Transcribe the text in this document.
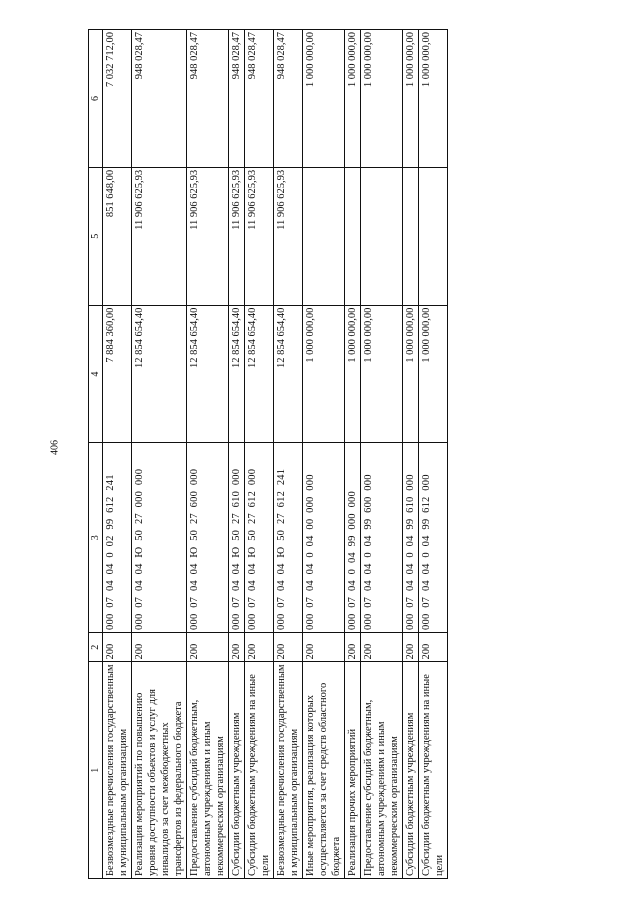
406
1	2	3	4	5	6
Безвозмездные перечисления государственным и муниципальным организациям	200	000 07 04 04 0 02 99 612 241	7 884 360,00	851 648,00	7 032 712,00
Реализация мероприятий по повышению уровня доступности объектов и услуг для инвалидов за счет межбюджетных трансфертов из федерального бюджета	200	000 07 04 04 Ю 50 27 000 000	12 854 654,40	11 906 625,93	948 028,47
Предоставление субсидий бюджетным, автономным учреждениям и иным некоммерческим организациям	200	000 07 04 04 Ю 50 27 600 000	12 854 654,40	11 906 625,93	948 028,47
Субсидии бюджетным учреждениям	200	000 07 04 04 Ю 50 27 610 000	12 854 654,40	11 906 625,93	948 028,47
Субсидии бюджетным учреждениям на иные цели	200	000 07 04 04 Ю 50 27 612 000	12 854 654,40	11 906 625,93	948 028,47
Безвозмездные перечисления государственным и муниципальным организациям	200	000 07 04 04 Ю 50 27 612 241	12 854 654,40	11 906 625,93	948 028,47
Иные мероприятия, реализация которых осуществляется за счет средств областного бюджета	200	000 07 04 04 0 04 00 000 000	1 000 000,00		1 000 000,00
Реализация прочих мероприятий	200	000 07 04 0 04 99 000 000	1 000 000,00		1 000 000,00
Предоставление субсидий бюджетным, автономным учреждениям и иным некоммерческим организациям	200	000 07 04 04 0 04 99 600 000	1 000 000,00		1 000 000,00
Субсидии бюджетным учреждениям	200	000 07 04 04 0 04 99 610 000	1 000 000,00		1 000 000,00
Субсидии бюджетным учреждениям на иные цели	200	000 07 04 04 0 04 99 612 000	1 000 000,00		1 000 000,00
